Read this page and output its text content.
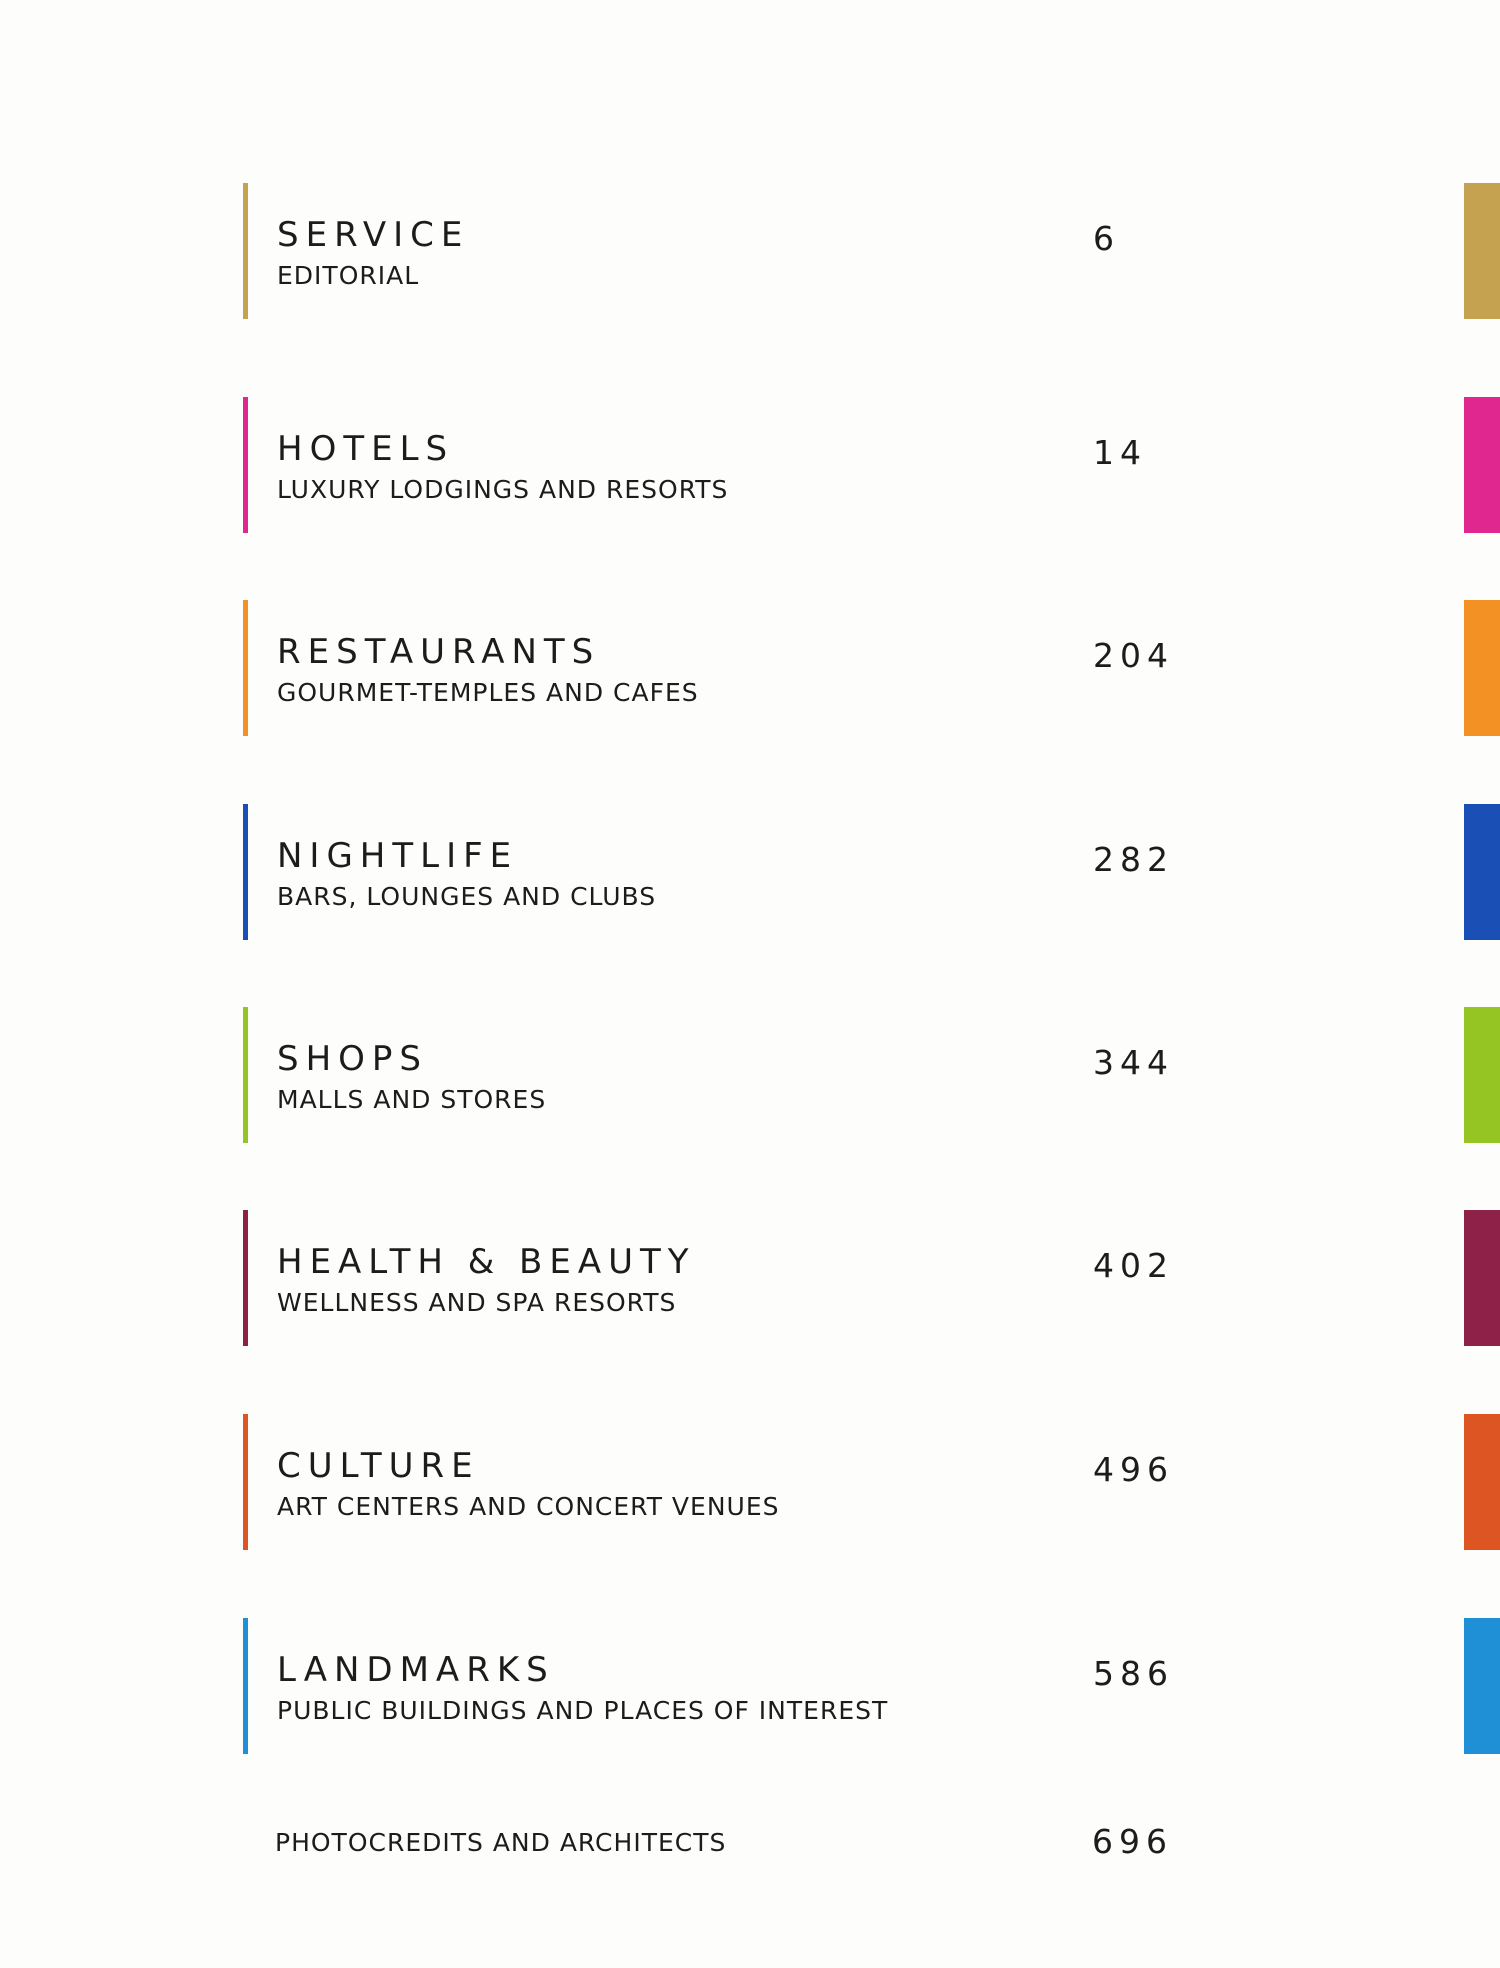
SERVICE
EDITORIAL
6
HOTELS
LUXURY LODGINGS AND RESORTS
14
RESTAURANTS
GOURMET-TEMPLES AND CAFES
204
NIGHTLIFE
BARS, LOUNGES AND CLUBS
282
SHOPS
MALLS AND STORES
344
HEALTH & BEAUTY
WELLNESS AND SPA RESORTS
402
CULTURE
ART CENTERS AND CONCERT VENUES
496
LANDMARKS
PUBLIC BUILDINGS AND PLACES OF INTEREST
586
PHOTOCREDITS AND ARCHITECTS	696
